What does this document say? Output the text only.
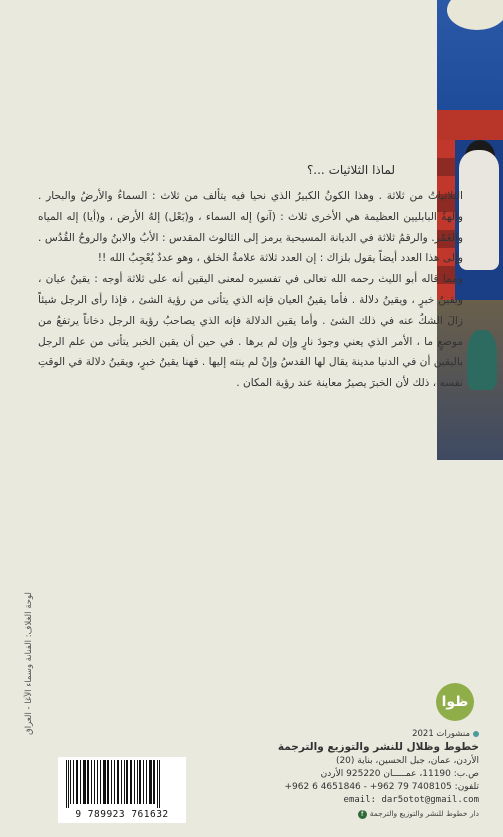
لماذا الثلاثيات ...؟

الثلاثياتُ من ثلاثة . وهذا الكونُ الكبيرُ الذي نحيا فيه يتألف من ثلاث : السماءُ والأرضُ والبحار . وآلهةُ البابليين العظيمة هي الأخرى ثلاث : (آنو) إله السماء ، و(بَعْل) إلهُ الأرض ، و(أيا) إله المياه والغَمْر. والرقمُ ثلاثة في الديانة المسيحية يرمز إلى الثالوث المقدس : الأبُ والابنُ والروحُ القُدُس . وإلى هذا العدد أيضاً يقول بلزاك : إن العدد ثلاثة علامةُ الخلق ، وهو عددٌ يُعْجِبُ الله !!

ومما قاله أبو الليث رحمه الله تعالى في تفسيره لمعنى اليقين أنه على ثلاثة أوجه : يقينُ عيان ، ويقينُ خبرٍ ، ويقينُ دلالة . فأما يقينُ العيان فإنه الذي يتأتى من رؤية الشئ ، فإذا رأى الرجل شيئاً زالَ الشكُ عنه في ذلك الشئ . وأما يقين الدلالة فإنه الذي يصاحبُ رؤية الرجل دخاناً يرتفعُ من موضعٍ ما ، الأمر الذي يعني وجودَ نارٍ وإن لم يرها . في حين أن يقين الخبر يتأتى من علم الرجل باليقين أن في الدنيا مدينة يقال لها القدسُ وإنْ لم ينته إليها . فهنا يقينُ خبرٍ، ويقينُ دلالة في الوقتِ نفسه ، ذلك لأن الخبرَ يصيرُ معاينة عند رؤية المكان .

لوحة الغلاف: الفنانة وسماء الآغا - العراق	ظوا
منشورات 2021
خطوط وظلال للنشر والتوزيع والترجمة
الأردن، عمان، جبل الحسين، بناية (20)
ص.ب: 11190، عمـــــان 925220 الأردن
تلفون: 7408105 79 962+ - 4651846 6 962+
email: dar5otot@gmail.com
دار خطوط للنشر والتوزيع والترجمةf
9 789923 761632
